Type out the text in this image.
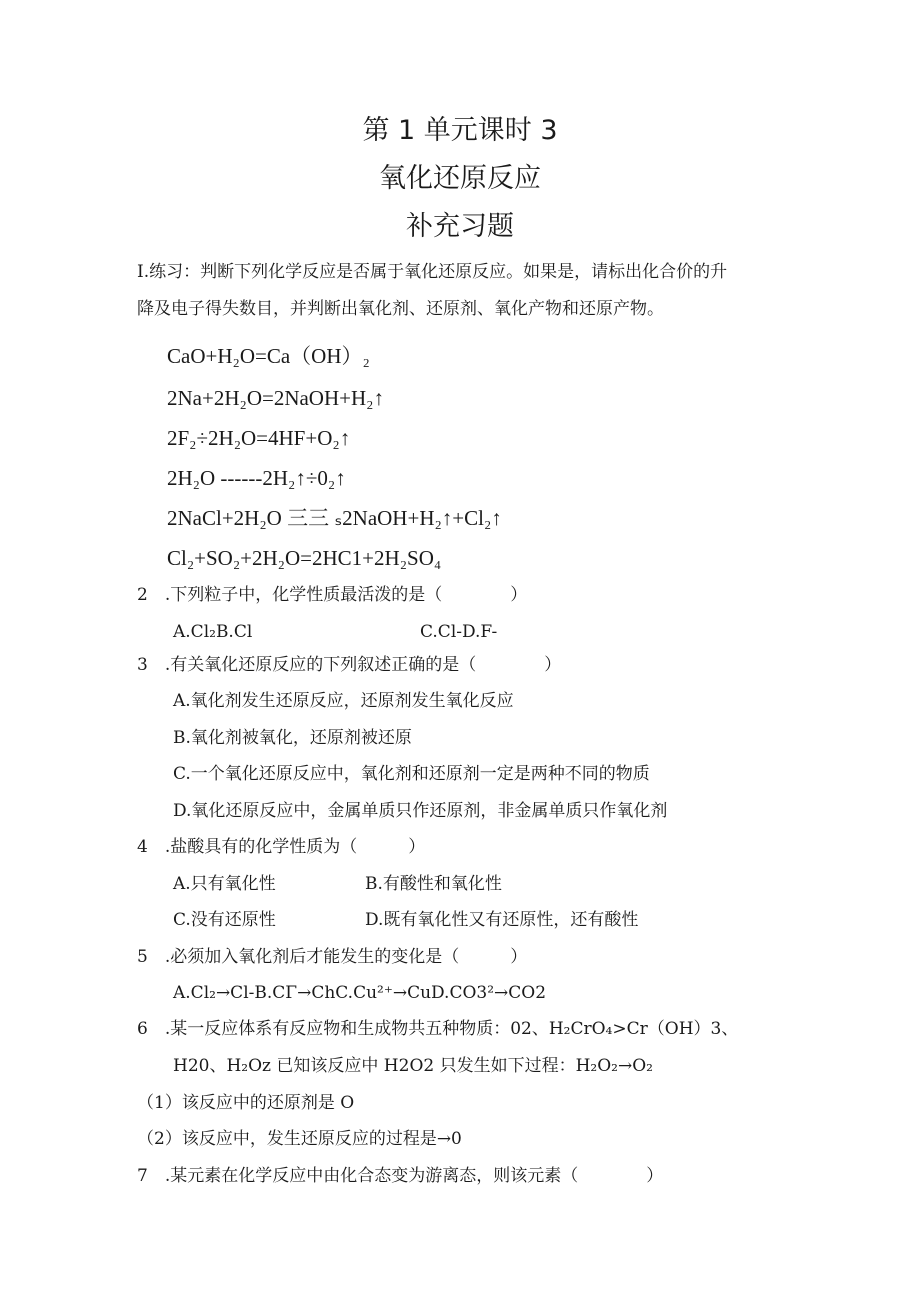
第 1 单元课时 3
氧化还原反应
补充习题
I.练习：判断下列化学反应是否属于氧化还原反应。如果是，请标出化合价的升
降及电子得失数目，并判断出氧化剂、还原剂、氧化产物和还原产物。
CaO+H₂O=Ca（OH）₂
2Na+2H₂O=2NaOH+H₂↑
2F₂÷2H₂O=4HF+O₂↑
2H₂O ------2H₂↑÷0₂↑
2NaCl+2H₂O 三三 ₛ2NaOH+H₂↑+Cl₂↑
Cl₂+SO₂+2H₂O=2HC1+2H₂SO₄
2　.下列粒子中，化学性质最活泼的是（　　　　）
A.Cl₂B.Cl	C.Cl-D.F-
3　.有关氧化还原反应的下列叙述正确的是（　　　　）
A.氧化剂发生还原反应，还原剂发生氧化反应
B.氧化剂被氧化，还原剂被还原
C.一个氧化还原反应中，氧化剂和还原剂一定是两种不同的物质
D.氧化还原反应中，金属单质只作还原剂，非金属单质只作氧化剂
4　.盐酸具有的化学性质为（　　　）
A.只有氧化性	B.有酸性和氧化性
C.没有还原性	D.既有氧化性又有还原性，还有酸性
5　.必须加入氧化剂后才能发生的变化是（　　　）
A.Cl₂→Cl-B.CΓ→ChC.Cu²⁺→CuD.CO3²→CO2
6　.某一反应体系有反应物和生成物共五种物质：02、H₂CrO₄>Cr（OH）3、
H20、H₂Oz 已知该反应中 H2O2 只发生如下过程：H₂O₂→O₂
（1）该反应中的还原剂是 O
（2）该反应中，发生还原反应的过程是→0
7　.某元素在化学反应中由化合态变为游离态，则该元素（　　　　）
